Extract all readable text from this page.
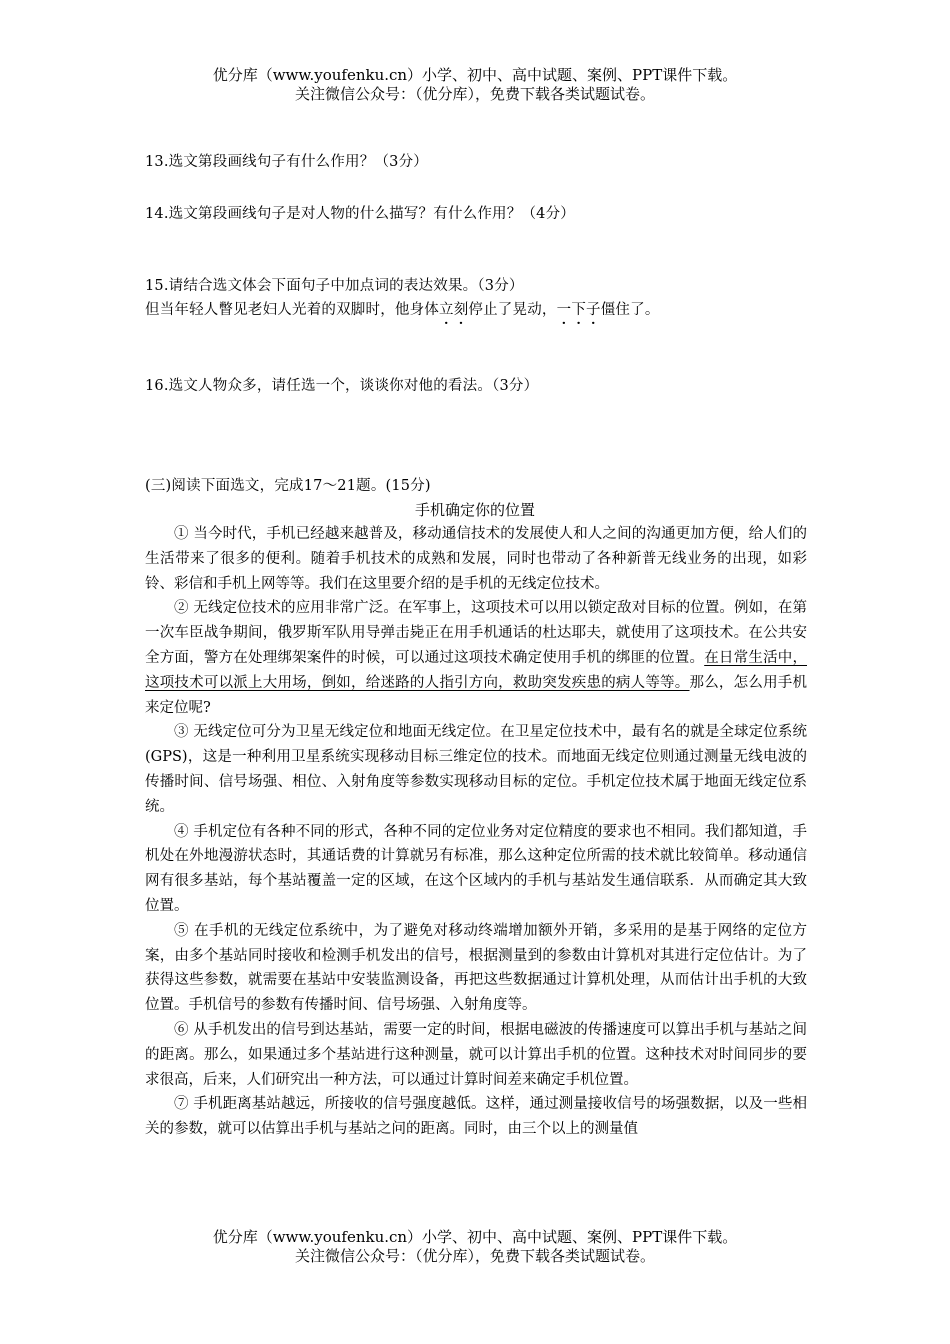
优分库（www.youfenku.cn）小学、初中、高中试题、案例、PPT课件下载。
关注微信公众号：（优分库），免费下载各类试题试卷。
13.选文第段画线句子有什么作用？（3分）
14.选文第段画线句子是对人物的什么描写？有什么作用？（4分）
15.请结合选文体会下面句子中加点词的表达效果。（3分）
但当年轻人瞥见老妇人光着的双脚时，他身体立刻停止了晃动，一下子僵住了。
16.选文人物众多，请任选一个，谈谈你对他的看法。（3分）
(三)阅读下面选文，完成17～21题。(15分)
手机确定你的位置

① 当今时代，手机已经越来越普及，移动通信技术的发展使人和人之间的沟通更加方便，给人们的生活带来了很多的便利。随着手机技术的成熟和发展，同时也带动了各种新普无线业务的出现，如彩铃、彩信和手机上网等等。我们在这里要介绍的是手机的无线定位技术。

② 无线定位技术的应用非常广泛。在军事上，这项技术可以用以锁定敌对目标的位置。例如，在第一次车臣战争期间，俄罗斯军队用导弹击毙正在用手机通话的杜达耶夫，就使用了这项技术。在公共安全方面，警方在处理绑架案件的时候，可以通过这项技术确定使用手机的绑匪的位置。在日常生活中，这项技术可以派上大用场，倒如，给迷路的人指引方向，救助突发疾患的病人等等。那么，怎么用手机来定位呢?

③ 无线定位可分为卫星无线定位和地面无线定位。在卫星定位技术中，最有名的就是全球定位系统(GPS)，这是一种利用卫星系统实现移动目标三维定位的技术。而地面无线定位则通过测量无线电波的传播时间、信号场强、相位、入射角度等参数实现移动目标的定位。手机定位技术属于地面无线定位系统。

④ 手机定位有各种不同的形式，各种不同的定位业务对定位精度的要求也不相同。我们都知道，手机处在外地漫游状态时，其通话费的计算就另有标准，那么这种定位所需的技术就比较简单。移动通信网有很多基站，每个基站覆盖一定的区域，在这个区域内的手机与基站发生通信联系．从而确定其大致位置。

⑤ 在手机的无线定位系统中，为了避免对移动终端增加额外开销，多采用的是基于网络的定位方案，由多个基站同时接收和检测手机发出的信号，根据测量到的参数由计算机对其进行定位估计。为了获得这些参数，就需要在基站中安装监测设备，再把这些数据通过计算机处理，从而估计出手机的大致位置。手机信号的参数有传播时间、信号场强、入射角度等。

⑥ 从手机发出的信号到达基站，需要一定的时间，根据电磁波的传播速度可以算出手机与基站之间的距离。那么，如果通过多个基站进行这种测量，就可以计算出手机的位置。这种技术对时间同步的要求很高，后来，人们研究出一种方法，可以通过计算时间差来确定手机位置。

⑦ 手机距离基站越远，所接收的信号强度越低。这样，通过测量接收信号的场强数据，以及一些相关的参数，就可以估算出手机与基站之问的距离。同时，由三个以上的测量值

优分库（www.youfenku.cn）小学、初中、高中试题、案例、PPT课件下载。
关注微信公众号：（优分库），免费下载各类试题试卷。
